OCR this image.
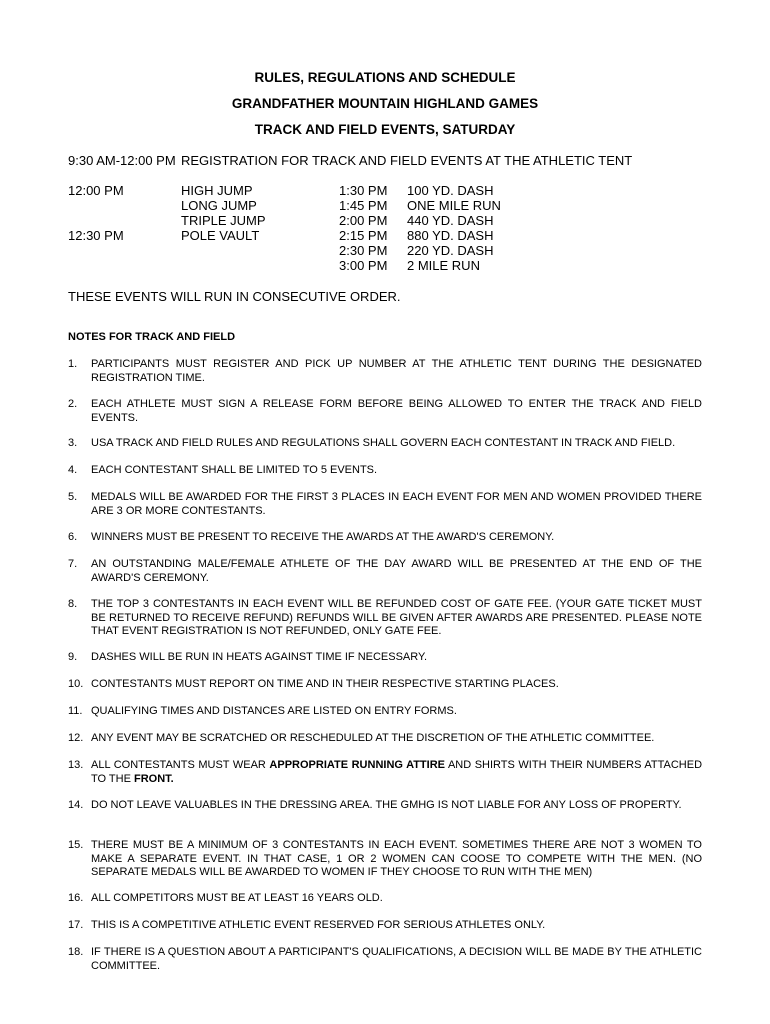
RULES, REGULATIONS AND SCHEDULE
GRANDFATHER MOUNTAIN HIGHLAND GAMES
TRACK AND FIELD EVENTS, SATURDAY
9:30 AM-12:00 PM REGISTRATION FOR TRACK AND FIELD EVENTS AT THE ATHLETIC TENT
12:00 PM
12:30 PM
HIGH JUMP
LONG JUMP
TRIPLE JUMP
POLE VAULT
1:30 PM
1:45 PM
2:00 PM
2:15 PM
2:30 PM
3:00 PM
100 YD. DASH
ONE MILE RUN
440 YD. DASH
880 YD. DASH
220 YD. DASH
2 MILE RUN
THESE EVENTS WILL RUN IN CONSECUTIVE ORDER.
NOTES FOR TRACK AND FIELD
1. PARTICIPANTS MUST REGISTER AND PICK UP NUMBER AT THE ATHLETIC TENT DURING THE DESIGNATED REGISTRATION TIME.
2. EACH ATHLETE MUST SIGN A RELEASE FORM BEFORE BEING ALLOWED TO ENTER THE TRACK AND FIELD EVENTS.
3. USA TRACK AND FIELD RULES AND REGULATIONS SHALL GOVERN EACH CONTESTANT IN TRACK AND FIELD.
4. EACH CONTESTANT SHALL BE LIMITED TO 5 EVENTS.
5. MEDALS WILL BE AWARDED FOR THE FIRST 3 PLACES IN EACH EVENT FOR MEN AND WOMEN PROVIDED THERE ARE 3 OR MORE CONTESTANTS.
6. WINNERS MUST BE PRESENT TO RECEIVE THE AWARDS AT THE AWARD'S CEREMONY.
7. AN OUTSTANDING MALE/FEMALE ATHLETE OF THE DAY AWARD WILL BE PRESENTED AT THE END OF THE AWARD'S CEREMONY.
8. THE TOP 3 CONTESTANTS IN EACH EVENT WILL BE REFUNDED COST OF GATE FEE. (YOUR GATE TICKET MUST BE RETURNED TO RECEIVE REFUND) REFUNDS WILL BE GIVEN AFTER AWARDS ARE PRESENTED. PLEASE NOTE THAT EVENT REGISTRATION IS NOT REFUNDED, ONLY GATE FEE.
9. DASHES WILL BE RUN IN HEATS AGAINST TIME IF NECESSARY.
10. CONTESTANTS MUST REPORT ON TIME AND IN THEIR RESPECTIVE STARTING PLACES.
11. QUALIFYING TIMES AND DISTANCES ARE LISTED ON ENTRY FORMS.
12. ANY EVENT MAY BE SCRATCHED OR RESCHEDULED AT THE DISCRETION OF THE ATHLETIC COMMITTEE.
13. ALL CONTESTANTS MUST WEAR APPROPRIATE RUNNING ATTIRE AND SHIRTS WITH THEIR NUMBERS ATTACHED TO THE FRONT.
14. DO NOT LEAVE VALUABLES IN THE DRESSING AREA. THE GMHG IS NOT LIABLE FOR ANY LOSS OF PROPERTY.
15. THERE MUST BE A MINIMUM OF 3 CONTESTANTS IN EACH EVENT. SOMETIMES THERE ARE NOT 3 WOMEN TO MAKE A SEPARATE EVENT. IN THAT CASE, 1 OR 2 WOMEN CAN COOSE TO COMPETE WITH THE MEN. (NO SEPARATE MEDALS WILL BE AWARDED TO WOMEN IF THEY CHOOSE TO RUN WITH THE MEN)
16. ALL COMPETITORS MUST BE AT LEAST 16 YEARS OLD.
17. THIS IS A COMPETITIVE ATHLETIC EVENT RESERVED FOR SERIOUS ATHLETES ONLY.
18. IF THERE IS A QUESTION ABOUT A PARTICIPANT'S QUALIFICATIONS, A DECISION WILL BE MADE BY THE ATHLETIC COMMITTEE.
